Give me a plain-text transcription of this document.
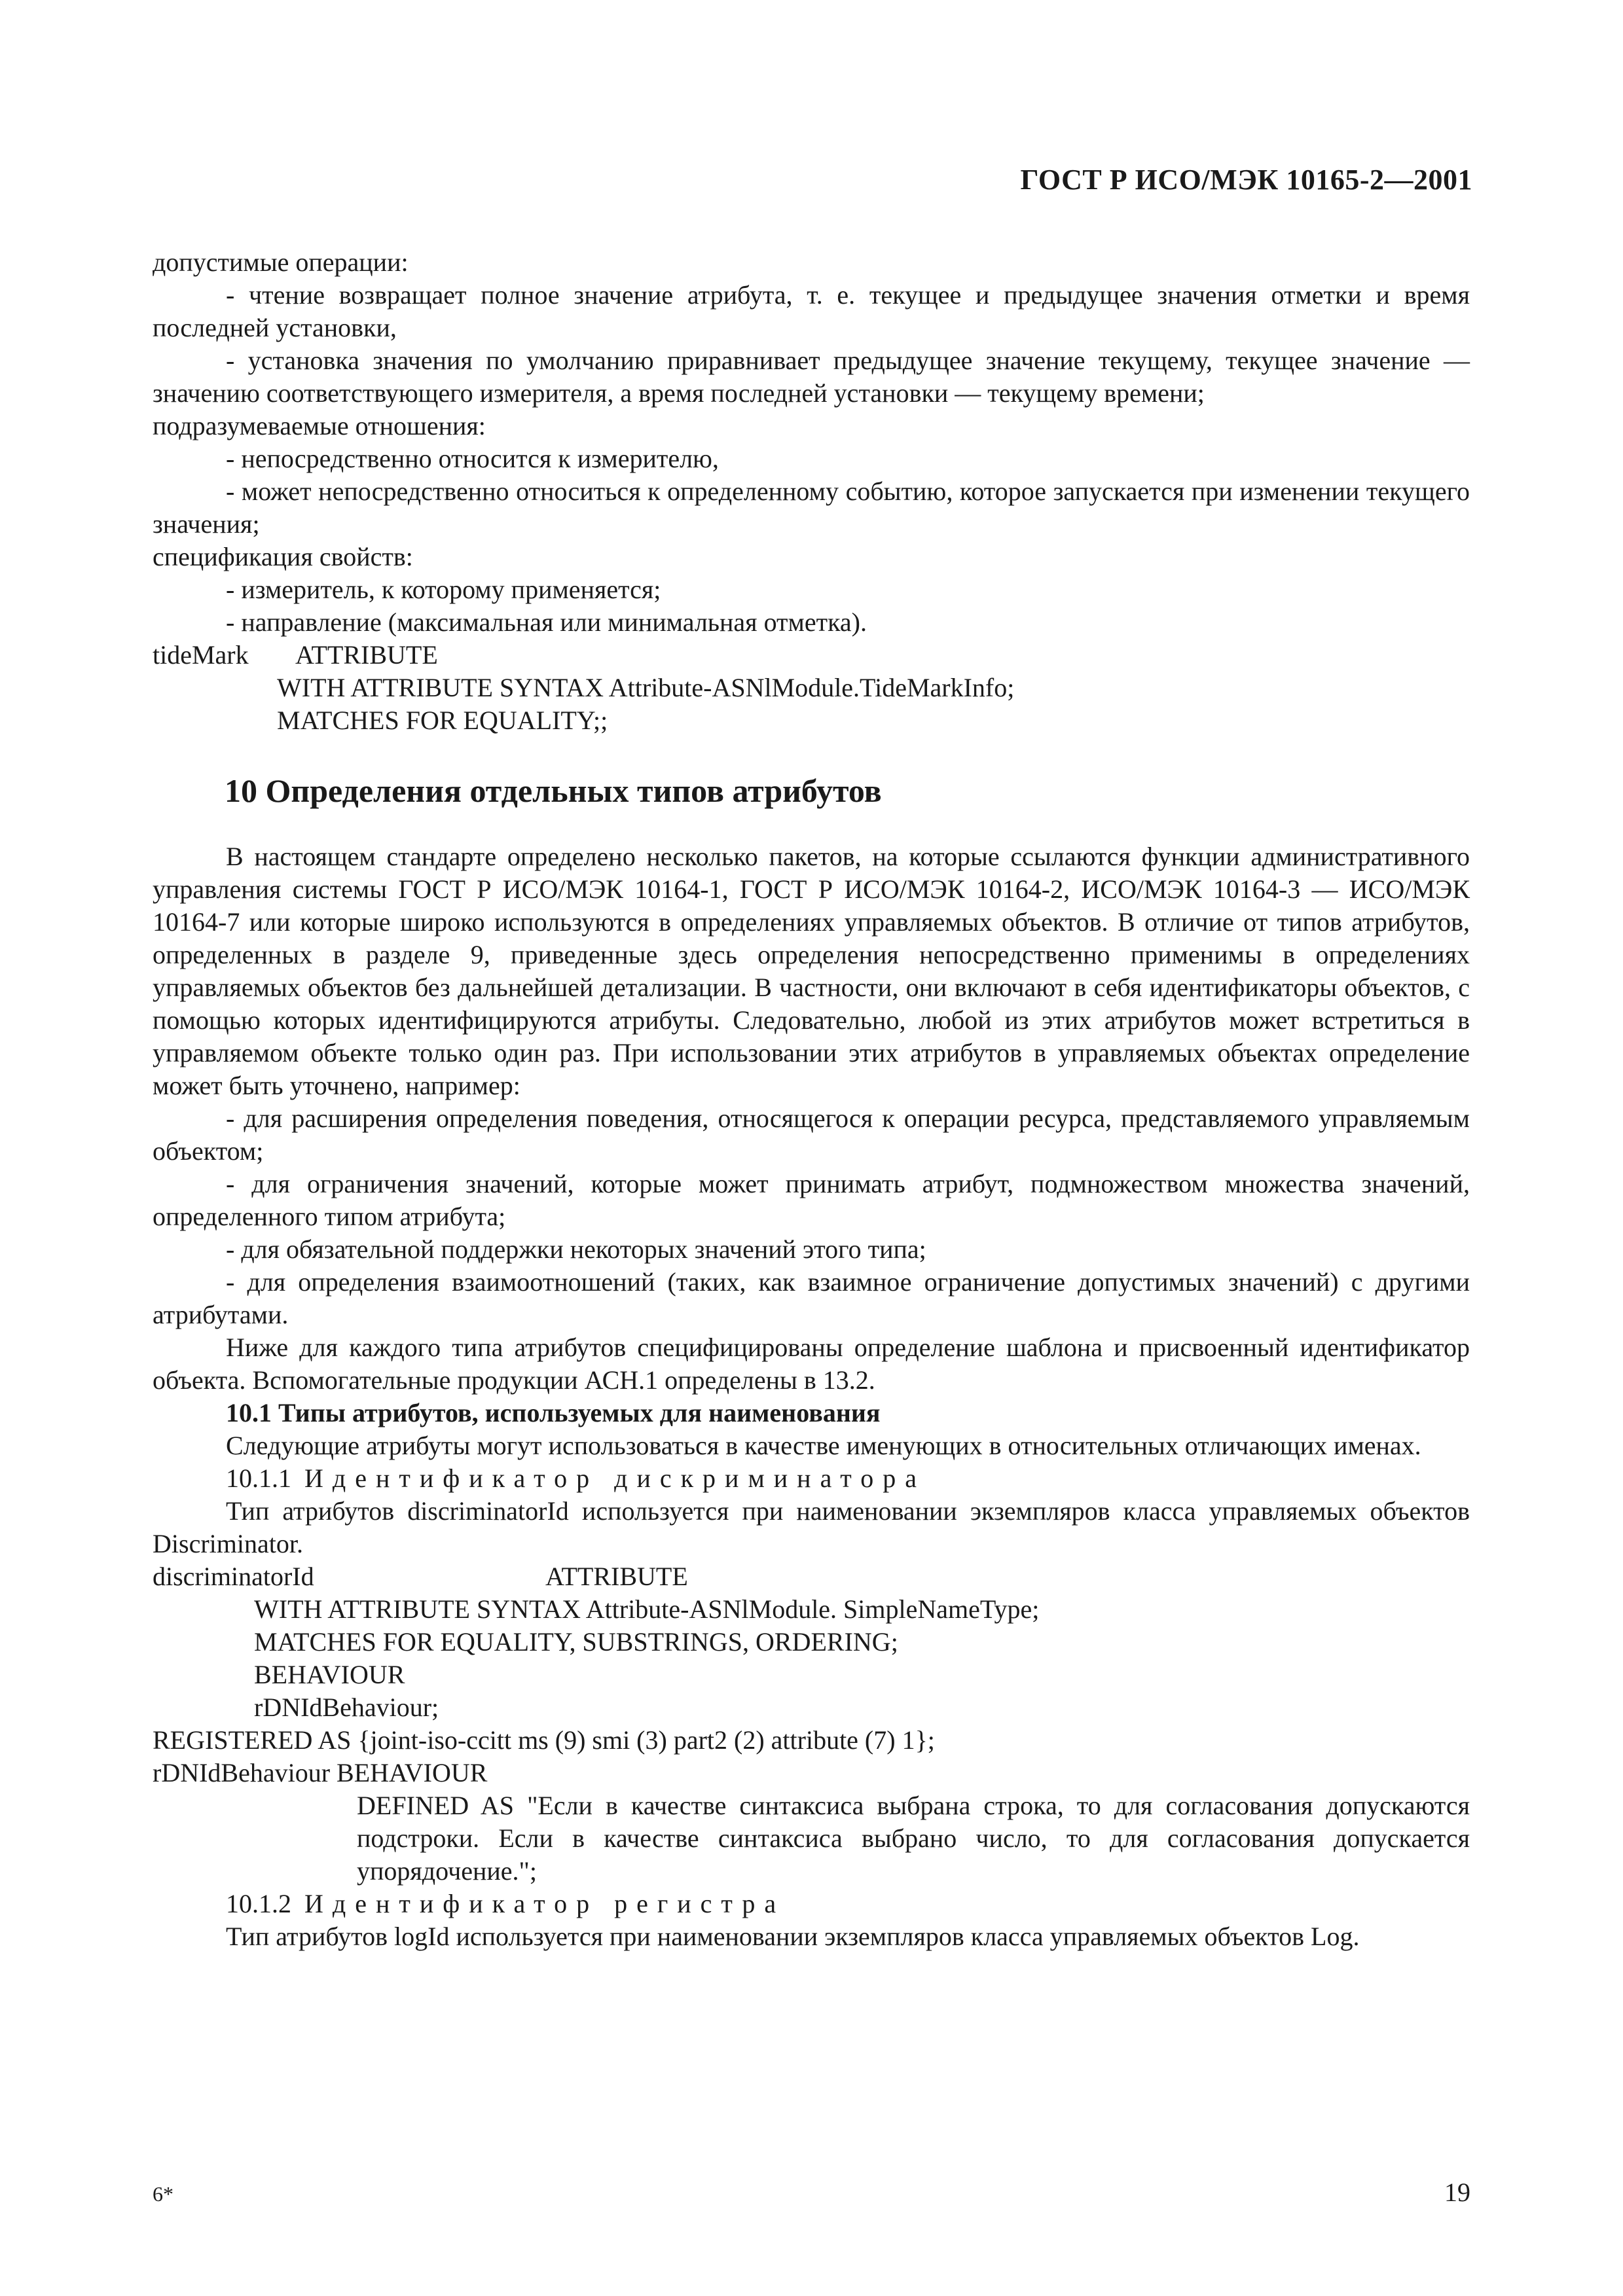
ГОСТ Р ИСО/МЭК 10165-2—2001

допустимые операции:

- чтение возвращает полное значение атрибута, т. е. текущее и предыдущее значения отметки и время последней установки,

- установка значения по умолчанию приравнивает предыдущее значение текущему, текущее значение — значению соответствующего измерителя, а время последней установки — текущему времени;

подразумеваемые отношения:

- непосредственно относится к измерителю,

- может непосредственно относиться к определенному событию, которое запускается при изменении текущего значения;

спецификация свойств:

- измеритель, к которому применяется;

- направление (максимальная или минимальная отметка).

tideMark ATTRIBUTE
WITH ATTRIBUTE SYNTAX Attribute-ASNlModule.TideMarkInfo;
MATCHES FOR EQUALITY;;
10 Определения отдельных типов атрибутов

В настоящем стандарте определено несколько пакетов, на которые ссылаются функции административного управления системы ГОСТ Р ИСО/МЭК 10164-1, ГОСТ Р ИСО/МЭК 10164-2, ИСО/МЭК 10164-3 — ИСО/МЭК 10164-7 или которые широко используются в определениях управляемых объектов. В отличие от типов атрибутов, определенных в разделе 9, приведенные здесь определения непосредственно применимы в определениях управляемых объектов без дальнейшей детализации. В частности, они включают в себя идентификаторы объектов, с помощью которых идентифицируются атрибуты. Следовательно, любой из этих атрибутов может встретиться в управляемом объекте только один раз. При использовании этих атрибутов в управляемых объектах определение может быть уточнено, например:

- для расширения определения поведения, относящегося к операции ресурса, представляемого управляемым объектом;

- для ограничения значений, которые может принимать атрибут, подмножеством множества значений, определенного типом атрибута;

- для обязательной поддержки некоторых значений этого типа;

- для определения взаимоотношений (таких, как взаимное ограничение допустимых значений) с другими атрибутами.

Ниже для каждого типа атрибутов специфицированы определение шаблона и присвоенный идентификатор объекта. Вспомогательные продукции АСН.1 определены в 13.2.

10.1 Типы атрибутов, используемых для наименования

Следующие атрибуты могут использоваться в качестве именующих в относительных отличающих именах.

10.1.1 Идентификатор дискриминатора

Тип атрибутов discriminatorId используется при наименовании экземпляров класса управляемых объектов Discriminator.

discriminatorId	ATTRIBUTE
WITH ATTRIBUTE SYNTAX Attribute-ASNlModule. SimpleNameType;
MATCHES FOR EQUALITY, SUBSTRINGS, ORDERING;
BEHAVIOUR
rDNIdBehaviour;
REGISTERED AS {joint-iso-ccitt ms (9) smi (3) part2 (2) attribute (7) 1};
rDNIdBehaviour BEHAVIOUR
DEFINED AS "Если в качестве синтаксиса выбрана строка, то для согласования допускаются подстроки. Если в качестве синтаксиса выбрано число, то для согласования допускается упорядочение.";

10.1.2 Идентификатор регистра

Тип атрибутов logId используется при наименовании экземпляров класса управляемых объектов Log.

6*	19
